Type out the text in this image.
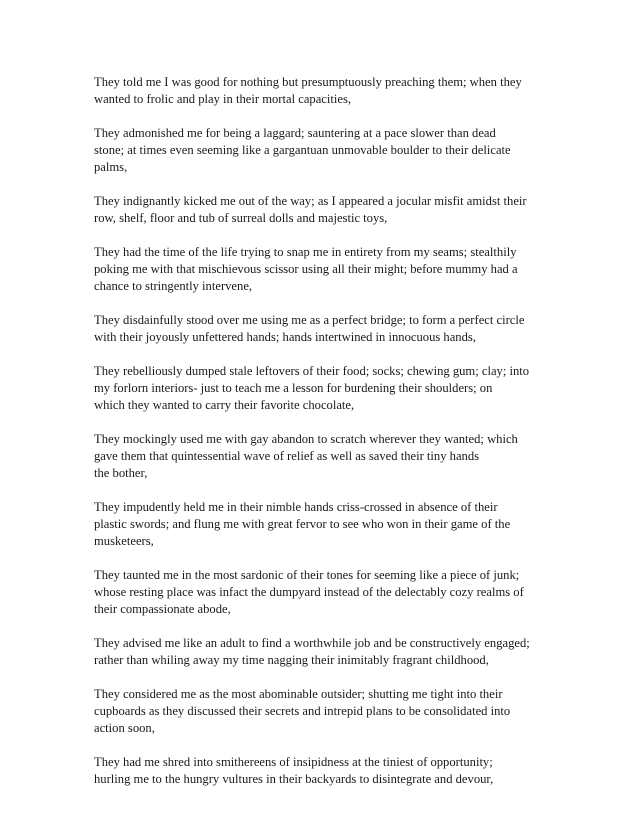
They told me I was good for nothing but presumptuously preaching them; when they
wanted to frolic and play in their mortal capacities,
They admonished me for being a laggard; sauntering at a pace slower than dead
stone; at times even seeming like a gargantuan unmovable boulder to their delicate
palms,
They indignantly kicked me out of the way; as I appeared a jocular misfit amidst their
row, shelf, floor and tub of surreal dolls and majestic toys,
They had the time of the life trying to snap me in entirety from my seams; stealthily
poking me with that mischievous scissor using all their might; before mummy had a
chance to stringently intervene,
They disdainfully stood over me using me as a perfect bridge; to form a perfect circle
with their joyously unfettered hands; hands intertwined in innocuous hands,
They rebelliously dumped stale leftovers of their food; socks; chewing gum; clay; into
my forlorn interiors- just to teach me a lesson for burdening their shoulders; on
which they wanted to carry their favorite chocolate,
They mockingly used me with gay abandon to scratch wherever they wanted; which
gave them that quintessential wave of relief as well as saved their tiny hands
the bother,
They impudently held me in their nimble hands criss-crossed in absence of their
plastic swords; and flung me with great fervor to see who won in their game of the
musketeers,
They taunted me in the most sardonic of their tones for seeming like a piece of junk;
whose resting place was infact the dumpyard instead of the delectably cozy realms of
their compassionate abode,
They advised me like an adult to find a worthwhile job and be constructively engaged;
rather than whiling away my time nagging their inimitably fragrant childhood,
They considered me as the most abominable outsider; shutting me tight into their
cupboards as they discussed their secrets and intrepid plans to be consolidated into
action soon,
They had me shred into smithereens of insipidness at the tiniest of opportunity;
hurling me to the hungry vultures in their backyards to disintegrate and devour,
